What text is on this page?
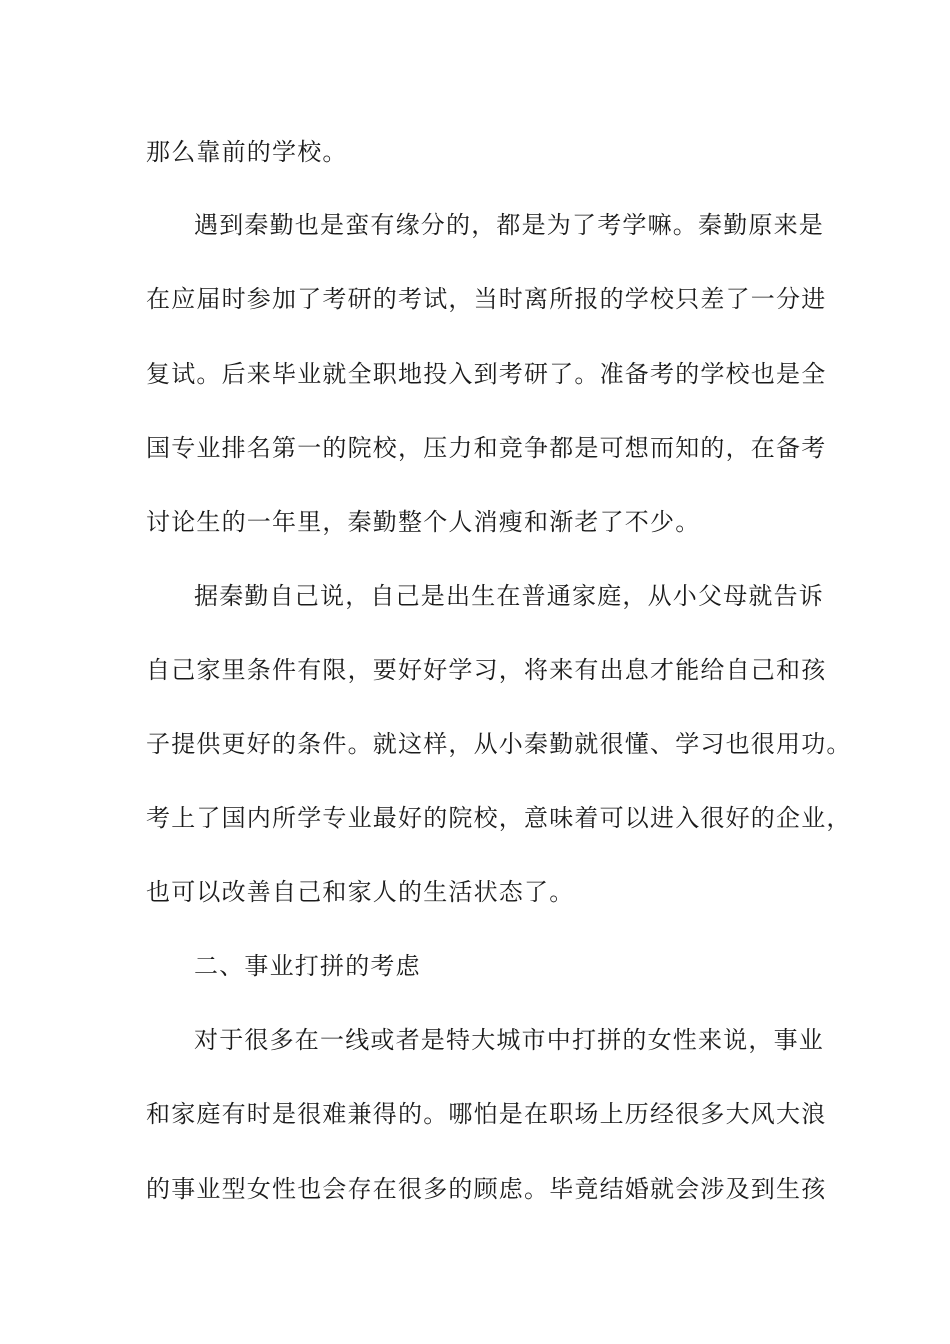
那么靠前的学校。
遇到秦勤也是蛮有缘分的，都是为了考学嘛。秦勤原来是
在应届时参加了考研的考试，当时离所报的学校只差了一分进
复试。后来毕业就全职地投入到考研了。准备考的学校也是全
国专业排名第一的院校，压力和竞争都是可想而知的，在备考
讨论生的一年里，秦勤整个人消瘦和渐老了不少。
据秦勤自己说，自己是出生在普通家庭，从小父母就告诉
自己家里条件有限，要好好学习，将来有出息才能给自己和孩
子提供更好的条件。就这样，从小秦勤就很懂、学习也很用功。
考上了国内所学专业最好的院校，意味着可以进入很好的企业，
也可以改善自己和家人的生活状态了。
二、事业打拼的考虑
对于很多在一线或者是特大城市中打拼的女性来说，事业
和家庭有时是很难兼得的。哪怕是在职场上历经很多大风大浪
的事业型女性也会存在很多的顾虑。毕竟结婚就会涉及到生孩
